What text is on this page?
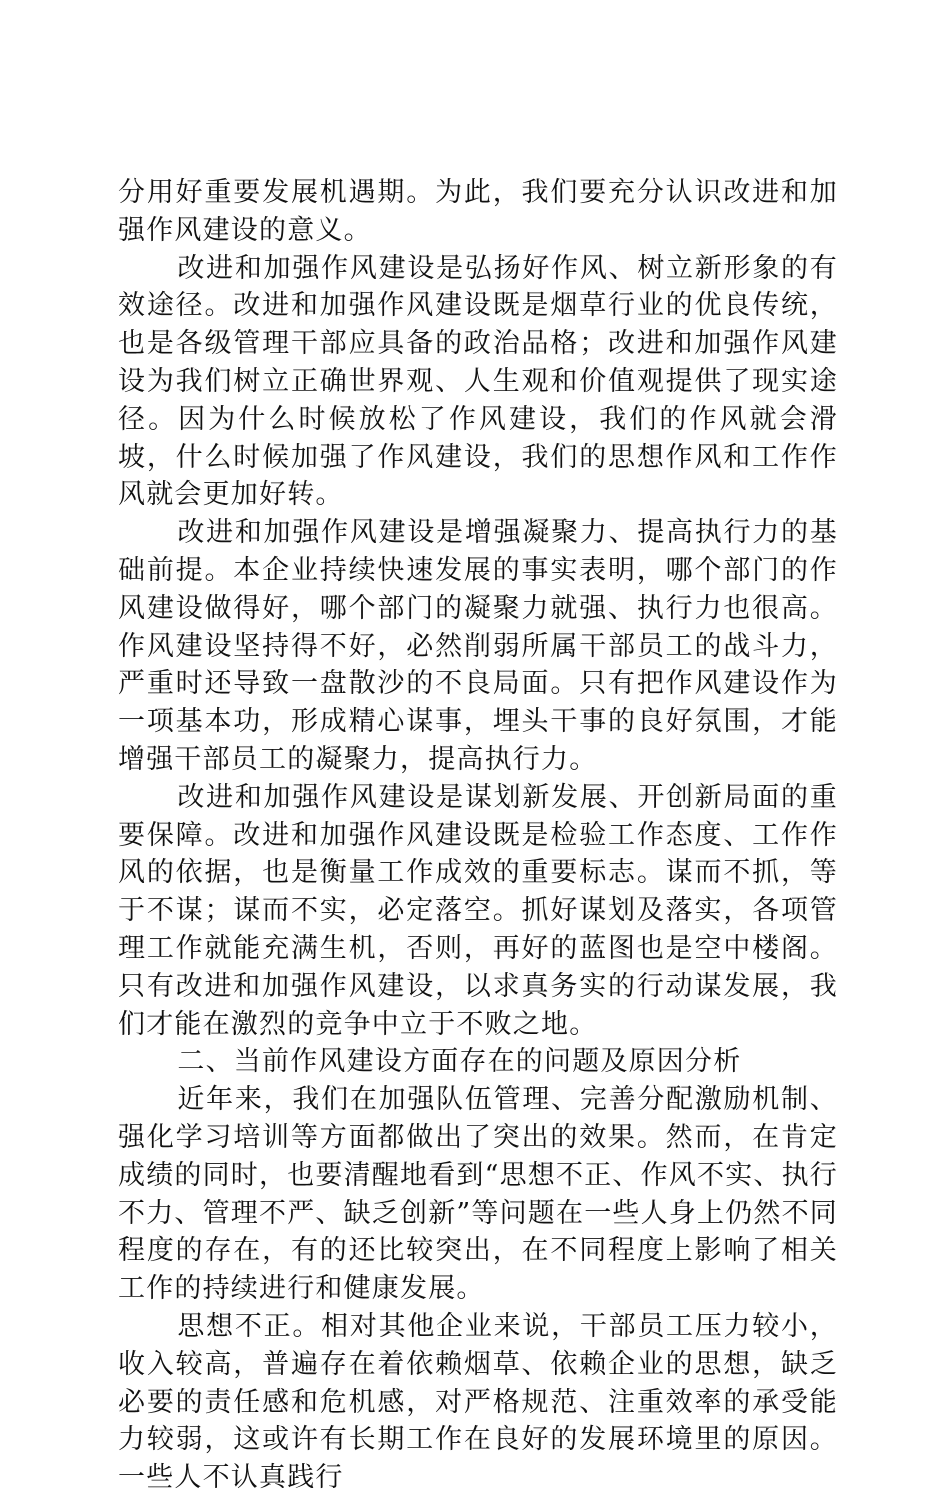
分用好重要发展机遇期。为此，我们要充分认识改进和加强作风建设的意义。

改进和加强作风建设是弘扬好作风、树立新形象的有效途径。改进和加强作风建设既是烟草行业的优良传统，也是各级管理干部应具备的政治品格；改进和加强作风建设为我们树立正确世界观、人生观和价值观提供了现实途径。因为什么时候放松了作风建设，我们的作风就会滑坡，什么时候加强了作风建设，我们的思想作风和工作作风就会更加好转。

改进和加强作风建设是增强凝聚力、提高执行力的基础前提。本企业持续快速发展的事实表明，哪个部门的作风建设做得好，哪个部门的凝聚力就强、执行力也很高。作风建设坚持得不好，必然削弱所属干部员工的战斗力，严重时还导致一盘散沙的不良局面。只有把作风建设作为一项基本功，形成精心谋事，埋头干事的良好氛围，才能增强干部员工的凝聚力，提高执行力。

改进和加强作风建设是谋划新发展、开创新局面的重要保障。改进和加强作风建设既是检验工作态度、工作作风的依据，也是衡量工作成效的重要标志。谋而不抓，等于不谋；谋而不实，必定落空。抓好谋划及落实，各项管理工作就能充满生机，否则，再好的蓝图也是空中楼阁。只有改进和加强作风建设，以求真务实的行动谋发展，我们才能在激烈的竞争中立于不败之地。

二、当前作风建设方面存在的问题及原因分析

近年来，我们在加强队伍管理、完善分配激励机制、强化学习培训等方面都做出了突出的效果。然而，在肯定成绩的同时，也要清醒地看到“思想不正、作风不实、执行不力、管理不严、缺乏创新”等问题在一些人身上仍然不同程度的存在，有的还比较突出，在不同程度上影响了相关工作的持续进行和健康发展。

思想不正。相对其他企业来说，干部员工压力较小，收入较高，普遍存在着依赖烟草、依赖企业的思想，缺乏必要的责任感和危机感，对严格规范、注重效率的承受能力较弱，这或许有长期工作在良好的发展环境里的原因。一些人不认真践行
